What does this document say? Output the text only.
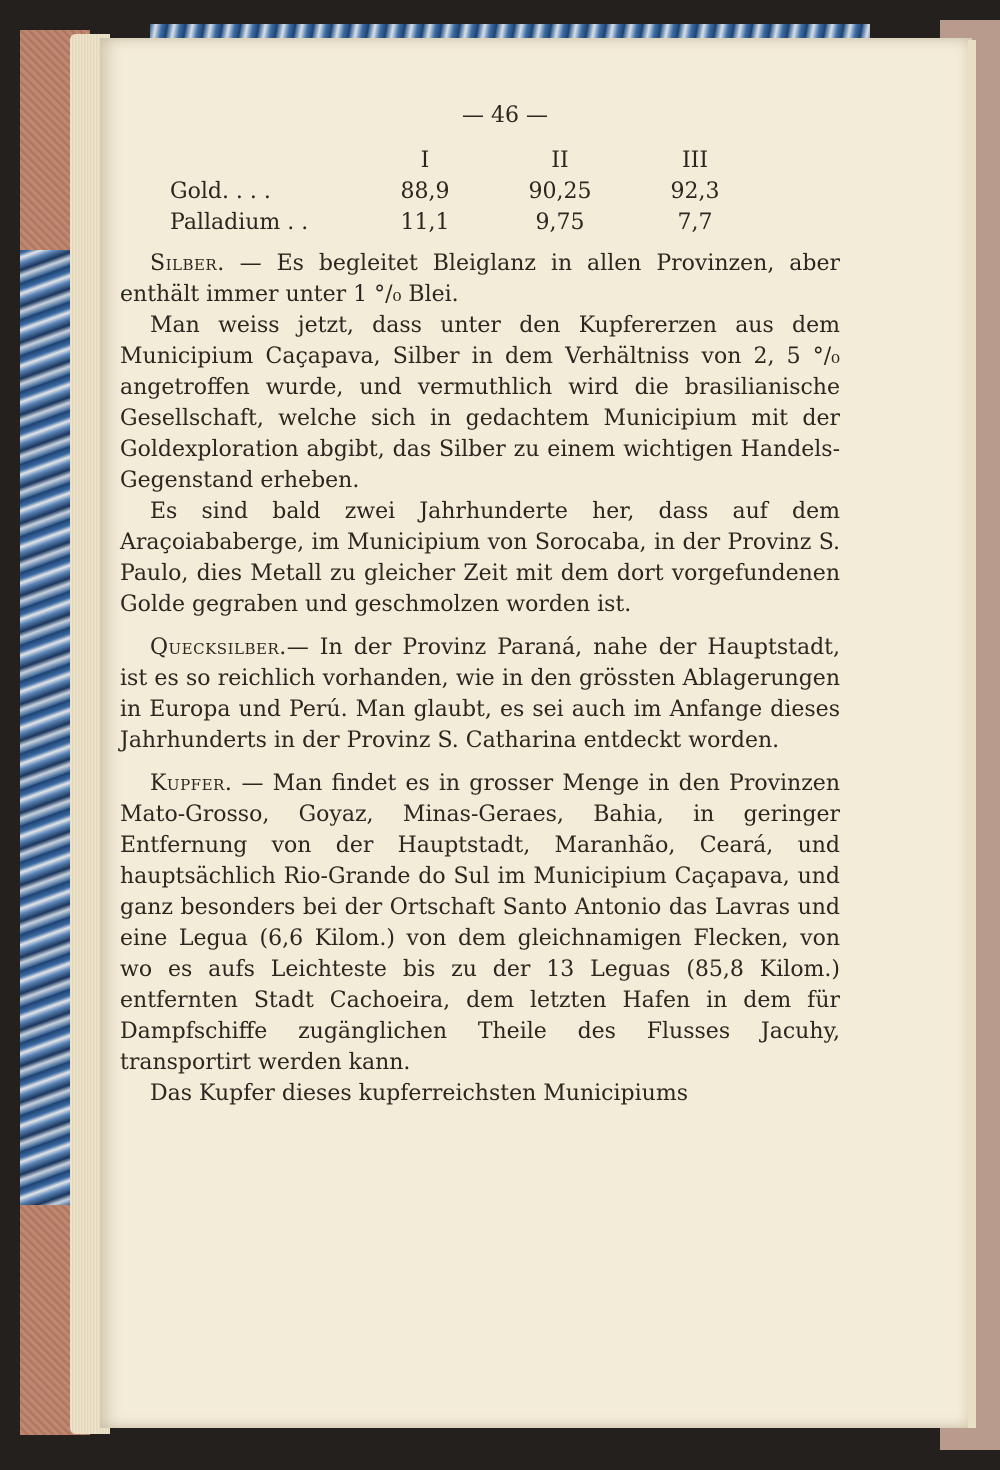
— 46 —
	I	II	III
Gold. . . .	88,9	90,25	92,3
Palladium . .	11,1	9,75	7,7

Silber. — Es begleitet Bleiglanz in allen Provinzen, aber enthält immer unter 1 °/₀ Blei.

Man weiss jetzt, dass unter den Kupfererzen aus dem Municipium Caçapava, Silber in dem Verhältniss von 2, 5 °/₀ angetroffen wurde, und vermuthlich wird die brasilianische Gesellschaft, welche sich in gedachtem Municipium mit der Goldexploration abgibt, das Silber zu einem wichtigen Handels-Gegenstand erheben.

Es sind bald zwei Jahrhunderte her, dass auf dem Araçoiababerge, im Municipium von Sorocaba, in der Provinz S. Paulo, dies Metall zu gleicher Zeit mit dem dort vorgefundenen Golde gegraben und geschmolzen worden ist.

Quecksilber.— In der Provinz Paraná, nahe der Hauptstadt, ist es so reichlich vorhanden, wie in den grössten Ablagerungen in Europa und Perú. Man glaubt, es sei auch im Anfange dieses Jahrhunderts in der Provinz S. Catharina entdeckt worden.

Kupfer. — Man findet es in grosser Menge in den Provinzen Mato-Grosso, Goyaz, Minas-Geraes, Bahia, in geringer Entfernung von der Hauptstadt, Maranhão, Ceará, und hauptsächlich Rio-Grande do Sul im Municipium Caçapava, und ganz besonders bei der Ortschaft Santo Antonio das Lavras und eine Legua (6,6 Kilom.) von dem gleichnamigen Flecken, von wo es aufs Leichteste bis zu der 13 Leguas (85,8 Kilom.) entfernten Stadt Cachoeira, dem letzten Hafen in dem für Dampfschiffe zugänglichen Theile des Flusses Jacuhy, transportirt werden kann.

Das Kupfer dieses kupferreichsten Municipiums
